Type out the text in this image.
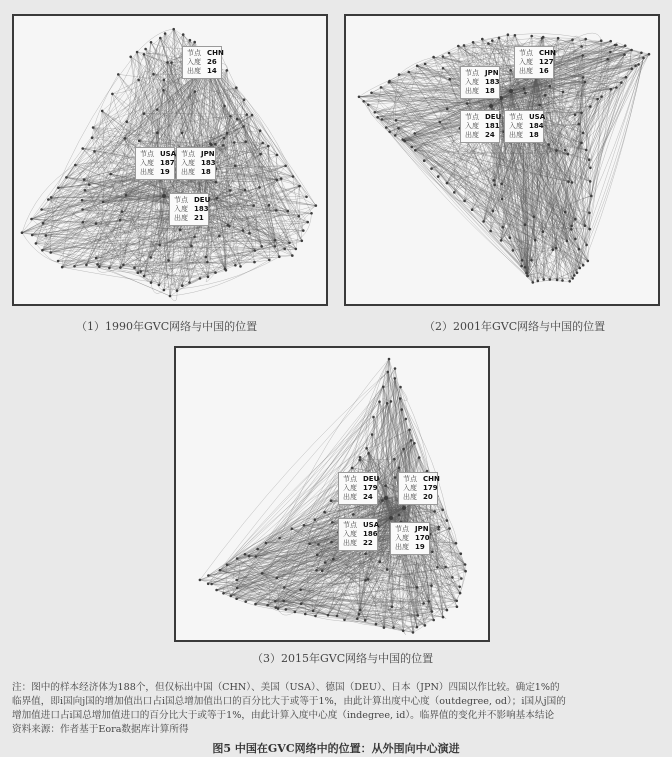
节点 CHN
入度 26
出度 14
节点 USA
入度 187
出度 19
节点 JPN
入度 183
出度 18
节点 DEU
入度 183
出度 21
（1）1990年GVC网络与中国的位置
节点 JPN
入度 183
出度 18
节点 CHN
入度 127
出度 16
节点 DEU
入度 181
出度 24
节点 USA
入度 184
出度 18
（2）2001年GVC网络与中国的位置
节点 DEU
入度 179
出度 24
节点 CHN
入度 179
出度 20
节点 USA
入度 186
出度 22
节点 JPN
入度 170
出度 19
（3）2015年GVC网络与中国的位置
注：图中的样本经济体为188个，但仅标出中国（CHN）、美国（USA）、德国（DEU）、日本（JPN）四国以作比较。确定1%的
临界值，即i国向j国的增加值出口占i国总增加值出口的百分比大于或等于1%，由此计算出度中心度（outdegree, od）；i国从j国的
增加值进口占i国总增加值进口的百分比大于或等于1%，由此计算入度中心度（indegree, id）。临界值的变化并不影响基本结论
资料来源：作者基于Eora数据库计算所得
图5 中国在GVC网络中的位置：从外围向中心演进
